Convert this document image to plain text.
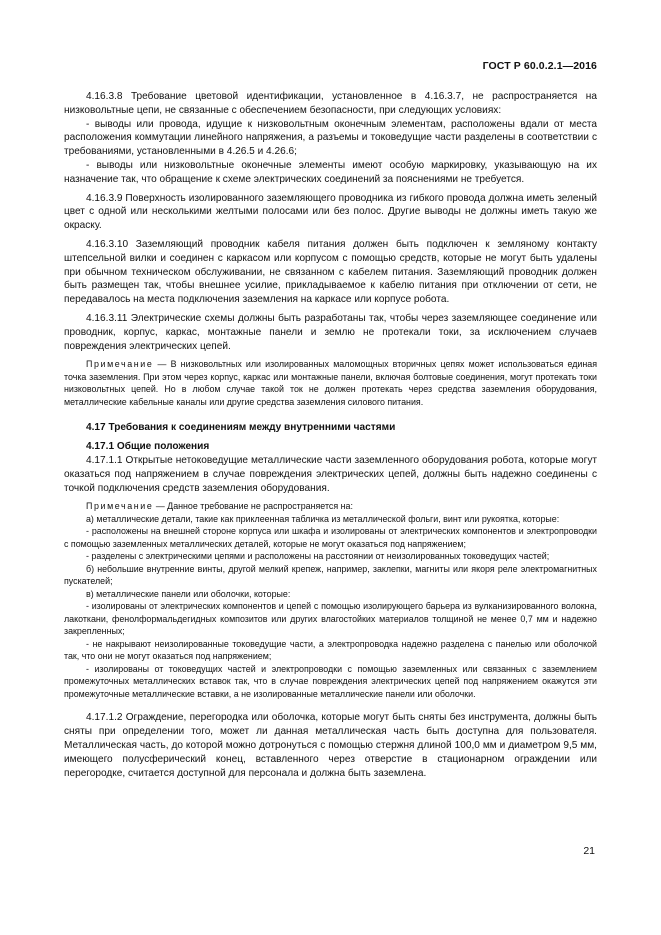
ГОСТ Р 60.0.2.1—2016

4.16.3.8 Требование цветовой идентификации, установленное в 4.16.3.7, не распространяется на низковольтные цепи, не связанные с обеспечением безопасности, при следующих условиях:

- выводы или провода, идущие к низковольтным оконечным элементам, расположены вдали от места расположения коммутации линейного напряжения, а разъемы и токоведущие части разделены в соответствии с требованиями, установленными в 4.26.5 и 4.26.6;

- выводы или низковольтные оконечные элементы имеют особую маркировку, указывающую на их назначение так, что обращение к схеме электрических соединений за пояснениями не требуется.

4.16.3.9 Поверхность изолированного заземляющего проводника из гибкого провода должна иметь зеленый цвет с одной или несколькими желтыми полосами или без полос. Другие выводы не должны иметь такую же окраску.

4.16.3.10 Заземляющий проводник кабеля питания должен быть подключен к земляному контакту штепсельной вилки и соединен с каркасом или корпусом с помощью средств, которые не могут быть удалены при обычном техническом обслуживании, не связанном с кабелем питания. Заземляющий проводник должен быть размещен так, чтобы внешнее усилие, прикладываемое к кабелю питания при отключении от сети, не передавалось на места подключения заземления на каркасе или корпусе робота.

4.16.3.11 Электрические схемы должны быть разработаны так, чтобы через заземляющее соединение или проводник, корпус, каркас, монтажные панели и землю не протекали токи, за исключением случаев повреждения электрических цепей.

Примечание — В низковольтных или изолированных маломощных вторичных цепях может использоваться единая точка заземления. При этом через корпус, каркас или монтажные панели, включая болтовые соединения, могут протекать токи низковольтных цепей. Но в любом случае такой ток не должен протекать через средства заземления оборудования, металлические кабельные каналы или другие средства заземления силового питания.

4.17 Требования к соединениям между внутренними частями

4.17.1 Общие положения

4.17.1.1 Открытые нетоковедущие металлические части заземленного оборудования робота, которые могут оказаться под напряжением в случае повреждения электрических цепей, должны быть надежно соединены с точкой подключения средств заземления оборудования.

Примечание — Данное требование не распространяется на:

а) металлические детали, такие как приклеенная табличка из металлической фольги, винт или рукоятка, которые:

- расположены на внешней стороне корпуса или шкафа и изолированы от электрических компонентов и электропроводки с помощью заземленных металлических деталей, которые не могут оказаться под напряжением;

- разделены с электрическими цепями и расположены на расстоянии от неизолированных токоведущих частей;

б) небольшие внутренние винты, другой мелкий крепеж, например, заклепки, магниты или якоря реле электромагнитных пускателей;

в) металлические панели или оболочки, которые:

- изолированы от электрических компонентов и цепей с помощью изолирующего барьера из вулканизированного волокна, лакоткани, фенолформальдегидных композитов или других влагостойких материалов толщиной не менее 0,7 мм и надежно закрепленных;

- не накрывают неизолированные токоведущие части, а электропроводка надежно разделена с панелью или оболочкой так, что они не могут оказаться под напряжением;

- изолированы от токоведущих частей и электропроводки с помощью заземленных или связанных с заземлением промежуточных металлических вставок так, что в случае повреждения электрических цепей под напряжением окажутся эти промежуточные металлические вставки, а не изолированные металлические панели или оболочки.

4.17.1.2 Ограждение, перегородка или оболочка, которые могут быть сняты без инструмента, должны быть сняты при определении того, может ли данная металлическая часть быть доступна для пользователя. Металлическая часть, до которой можно дотронуться с помощью стержня длиной 100,0 мм и диаметром 9,5 мм, имеющего полусферический конец, вставленного через отверстие в стационарном ограждении или перегородке, считается доступной для персонала и должна быть заземлена.

21
